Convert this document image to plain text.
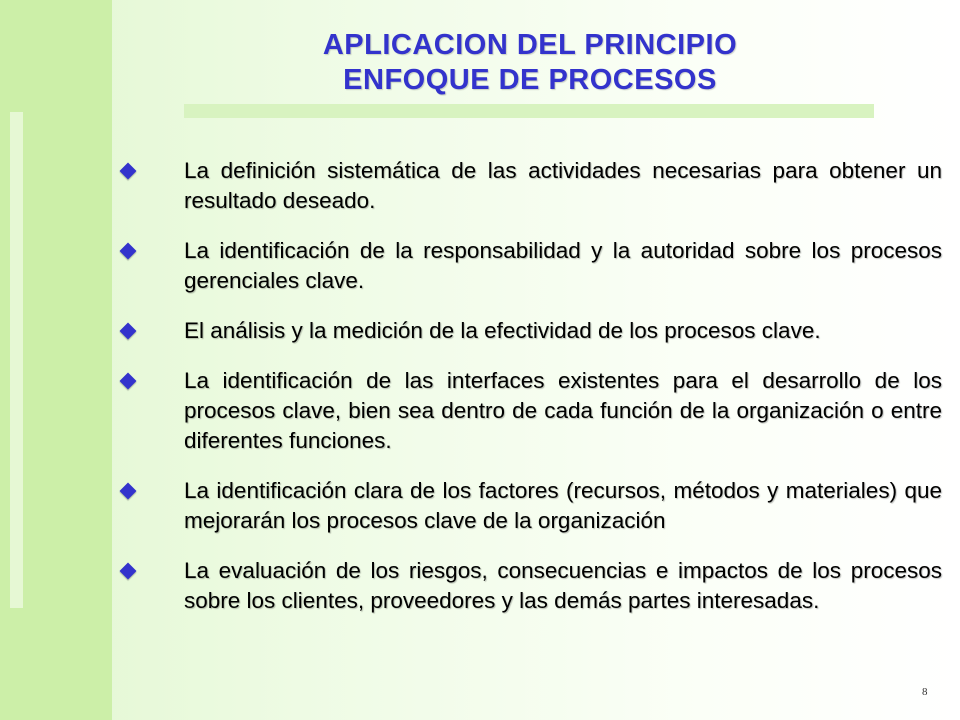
APLICACION DEL PRINCIPIO
ENFOQUE DE PROCESOS
La definición sistemática de las actividades necesarias para obtener un resultado deseado.
La identificación de la responsabilidad y la autoridad sobre los procesos gerenciales clave.
El análisis y la medición de la efectividad de los procesos clave.
La identificación de las interfaces existentes para el desarrollo de los procesos clave, bien sea dentro de cada función de la organización o entre diferentes funciones.
La identificación clara de los factores (recursos, métodos y materiales) que mejorarán los procesos clave de la organización
La evaluación de los riesgos, consecuencias e impactos de los procesos sobre los clientes, proveedores y las demás partes interesadas.
8
